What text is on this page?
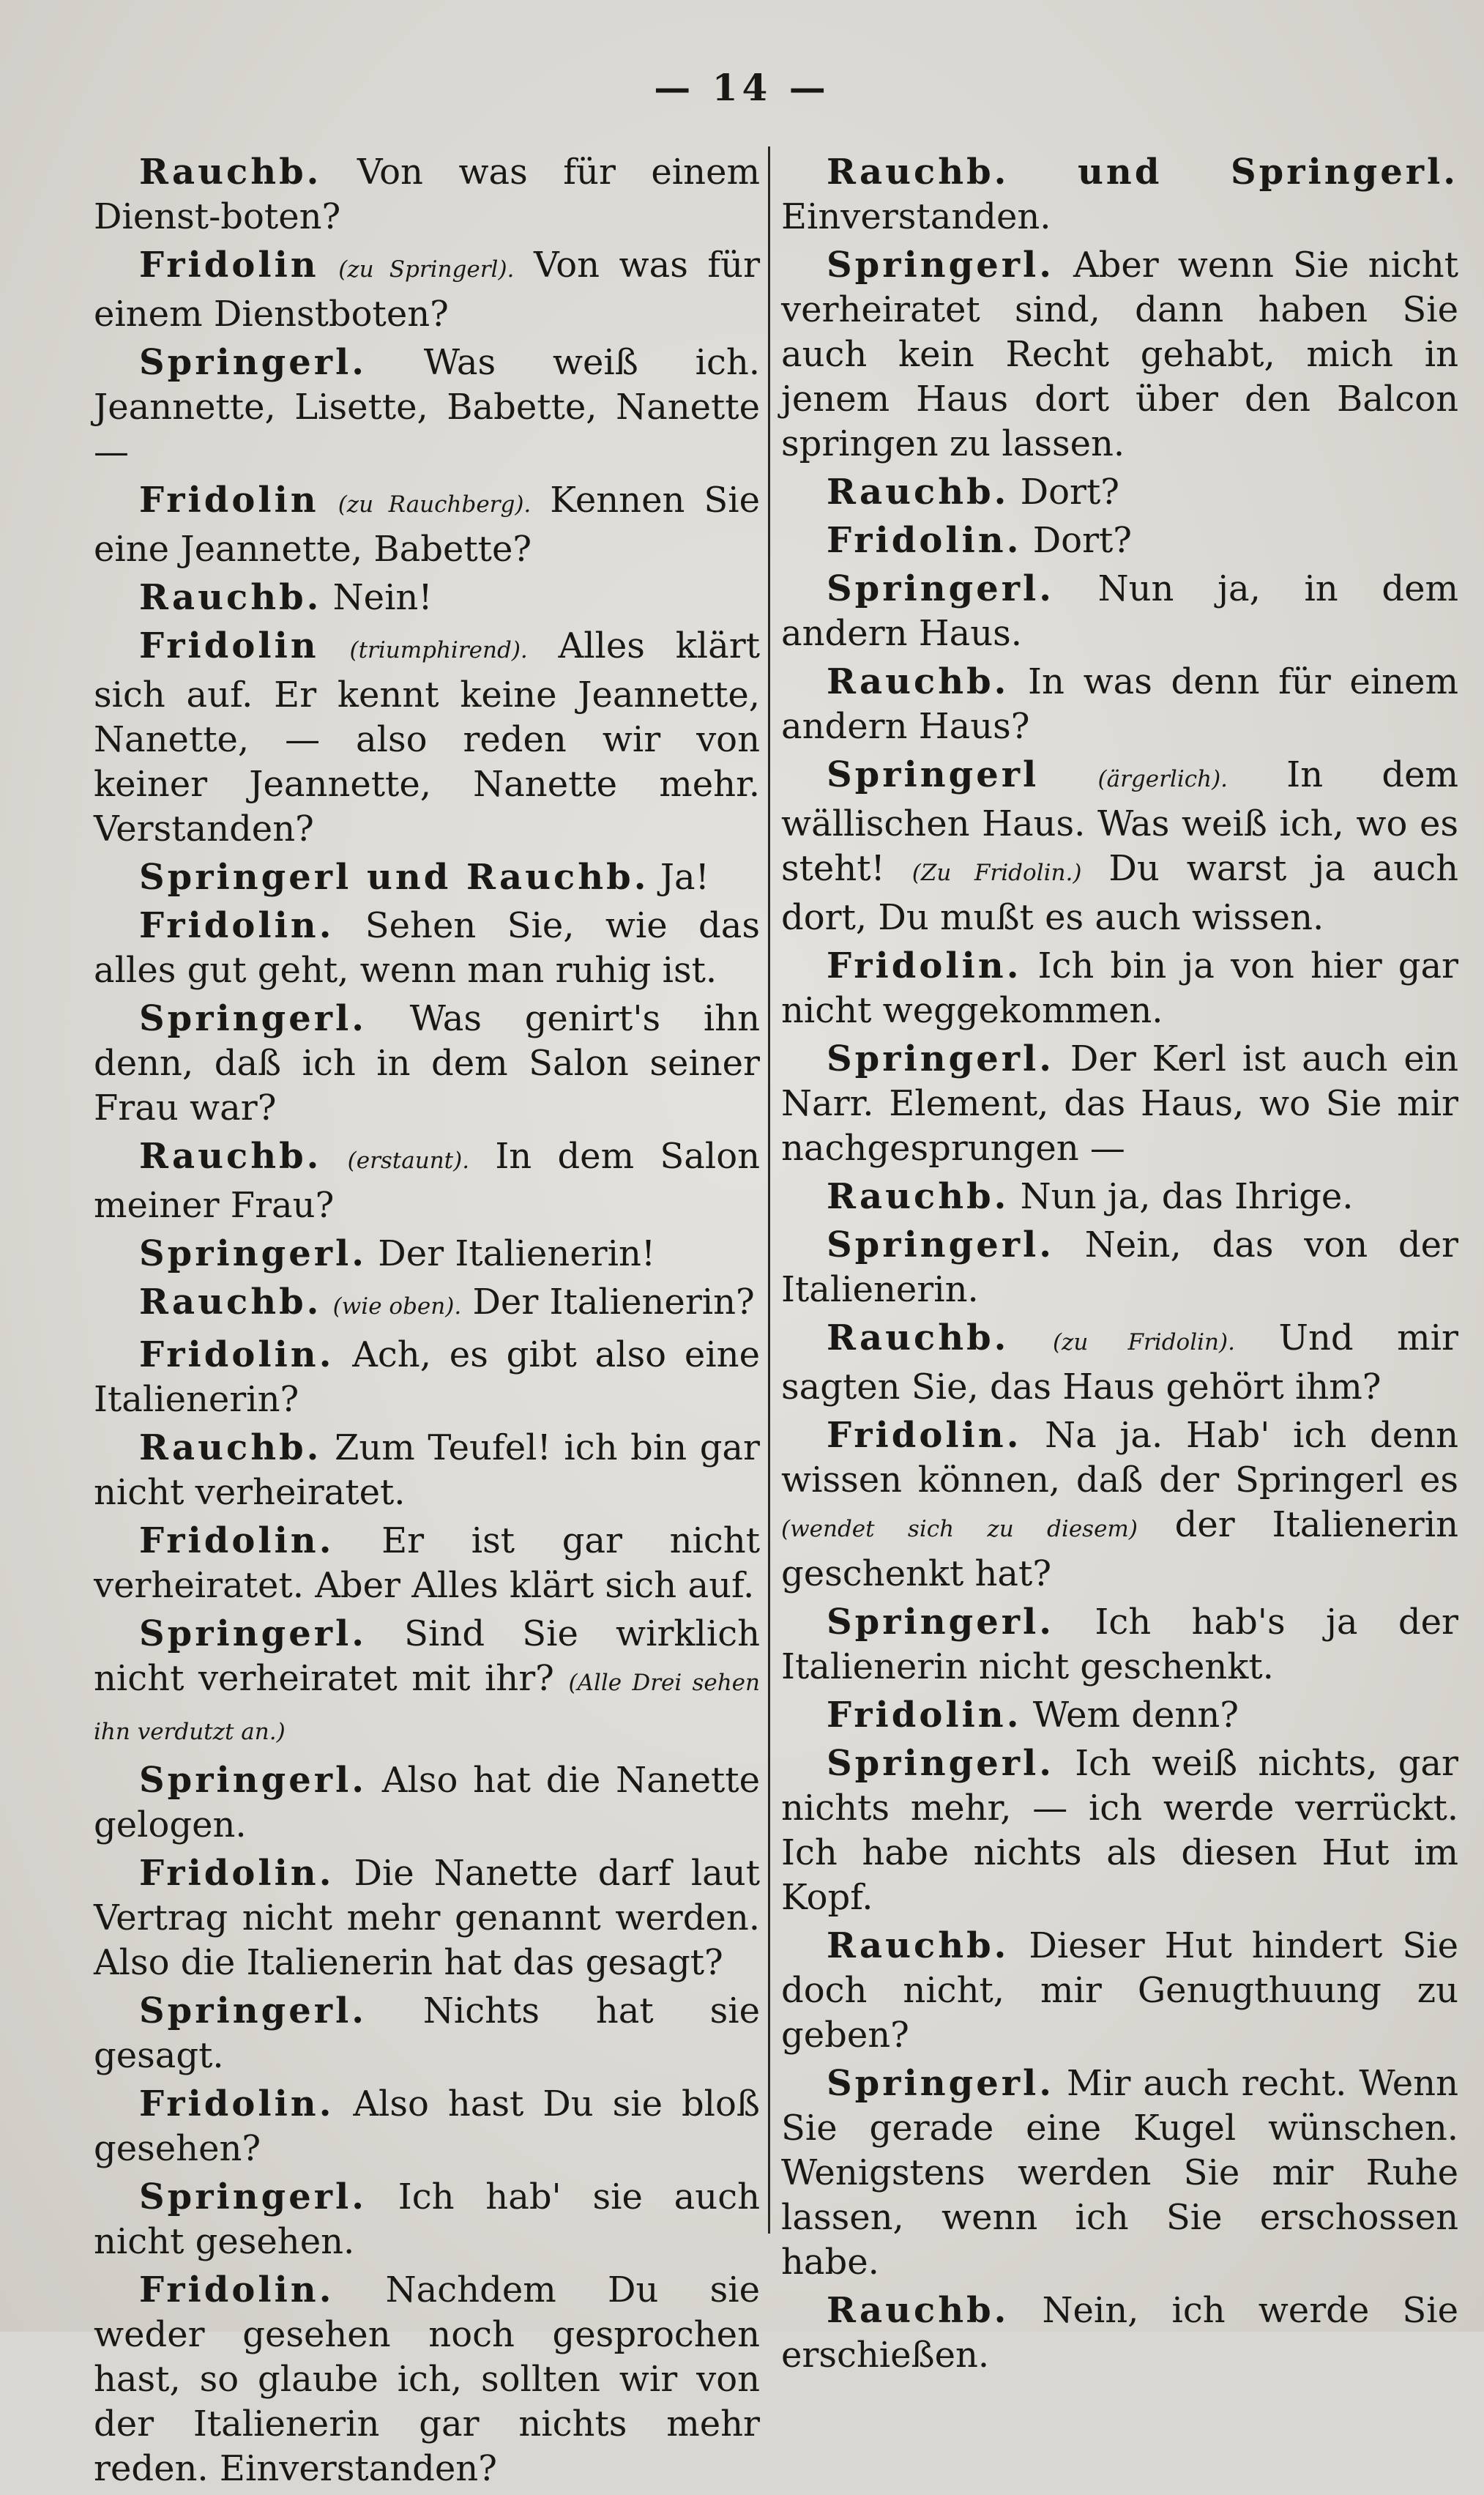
— 14 —

Rauchb. Von was für einem Dienst-boten?

Fridolin (zu Springerl). Von was für einem Dienstboten?

Springerl. Was weiß ich. Jeannette, Lisette, Babette, Nanette —

Fridolin (zu Rauchberg). Kennen Sie eine Jeannette, Babette?

Rauchb. Nein!

Fridolin (triumphirend). Alles klärt sich auf. Er kennt keine Jeannette, Nanette, — also reden wir von keiner Jeannette, Nanette mehr. Verstanden?

Springerl und Rauchb. Ja!

Fridolin. Sehen Sie, wie das alles gut geht, wenn man ruhig ist.

Springerl. Was genirt's ihn denn, daß ich in dem Salon seiner Frau war?

Rauchb. (erstaunt). In dem Salon meiner Frau?

Springerl. Der Italienerin!

Rauchb. (wie oben). Der Italienerin?

Fridolin. Ach, es gibt also eine Italienerin?

Rauchb. Zum Teufel! ich bin gar nicht verheiratet.

Fridolin. Er ist gar nicht verheiratet. Aber Alles klärt sich auf.

Springerl. Sind Sie wirklich nicht verheiratet mit ihr? (Alle Drei sehen ihn verdutzt an.)

Springerl. Also hat die Nanette gelogen.

Fridolin. Die Nanette darf laut Vertrag nicht mehr genannt werden. Also die Italienerin hat das gesagt?

Springerl. Nichts hat sie gesagt.

Fridolin. Also hast Du sie bloß gesehen?

Springerl. Ich hab' sie auch nicht gesehen.

Fridolin. Nachdem Du sie weder gesehen noch gesprochen hast, so glaube ich, sollten wir von der Italienerin gar nichts mehr reden. Einverstanden?

Rauchb. und Springerl. Einverstanden.

Springerl. Aber wenn Sie nicht verheiratet sind, dann haben Sie auch kein Recht gehabt, mich in jenem Haus dort über den Balcon springen zu lassen.

Rauchb. Dort?

Fridolin. Dort?

Springerl. Nun ja, in dem andern Haus.

Rauchb. In was denn für einem andern Haus?

Springerl	(ärgerlich). In dem wällischen Haus. Was weiß ich, wo es steht! (Zu Fridolin.) Du warst ja auch dort, Du mußt es auch wissen.

Fridolin. Ich bin ja von hier gar nicht weggekommen.

Springerl. Der Kerl ist auch ein Narr. Element, das Haus, wo Sie mir nachgesprungen —

Rauchb. Nun ja, das Ihrige.

Springerl. Nein, das von der Italienerin.

Rauchb. (zu Fridolin). Und mir sagten Sie, das Haus gehört ihm?

Fridolin. Na ja. Hab' ich denn wissen können, daß der Springerl es (wendet sich zu diesem) der Italienerin geschenkt hat?

Springerl. Ich hab's ja der Italienerin nicht geschenkt.

Fridolin. Wem denn?

Springerl. Ich weiß nichts, gar nichts mehr, — ich werde verrückt. Ich habe nichts als diesen Hut im Kopf.

Rauchb. Dieser Hut hindert Sie doch nicht, mir Genugthuung zu geben?

Springerl. Mir auch recht. Wenn Sie gerade eine Kugel wünschen. Wenigstens werden Sie mir Ruhe lassen, wenn ich Sie erschossen habe.

Rauchb. Nein, ich werde Sie erschießen.
